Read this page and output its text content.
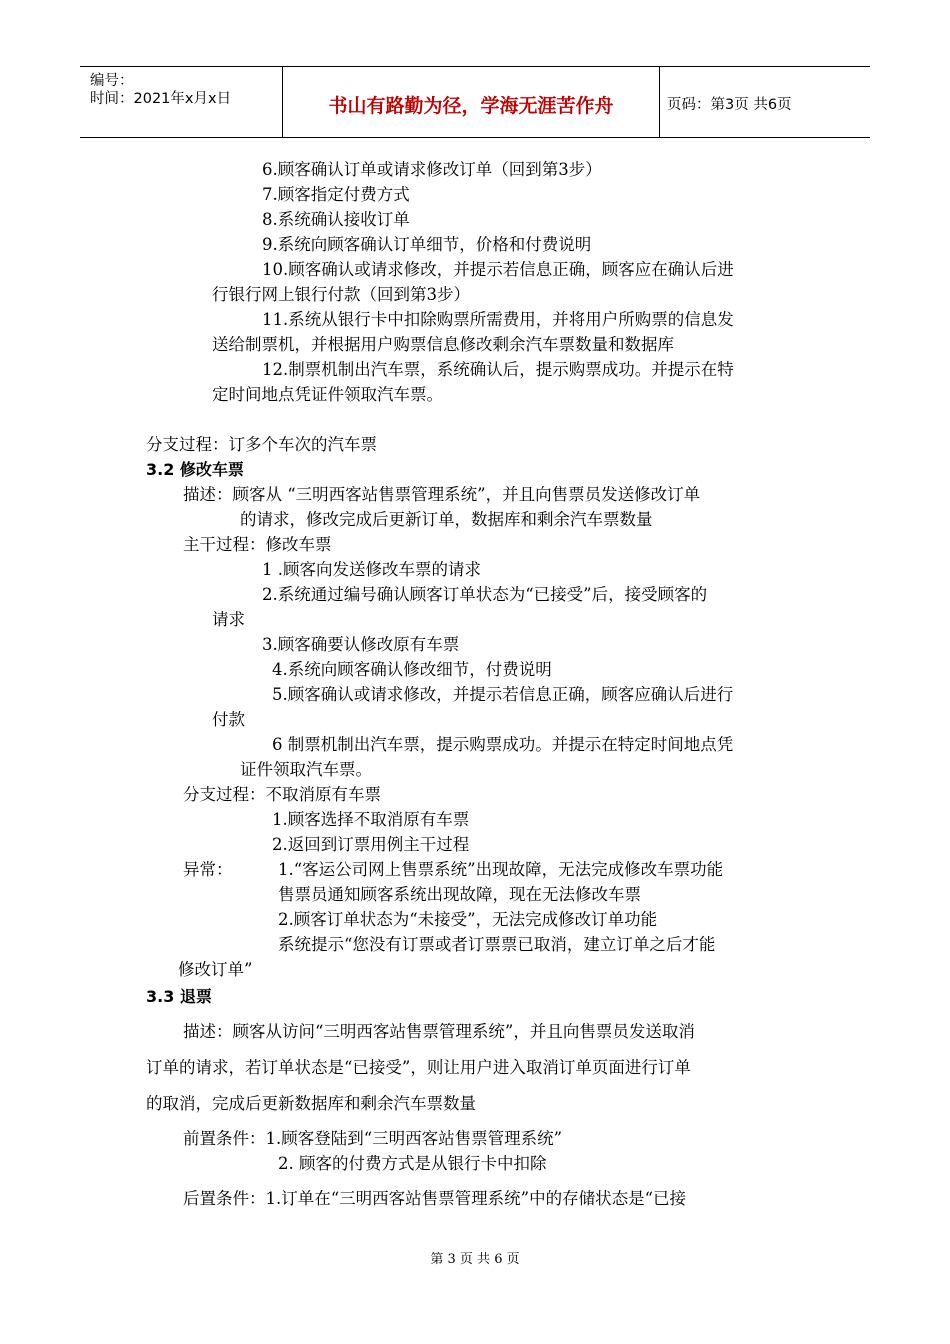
编号：
时间：2021年x月x日	书山有路勤为径，学海无涯苦作舟	页码：第3页 共6页
6.顾客确认订单或请求修改订单（回到第3步）
7.顾客指定付费方式
8.系统确认接收订单
9.系统向顾客确认订单细节，价格和付费说明
10.顾客确认或请求修改，并提示若信息正确，顾客应在确认后进
行银行网上银行付款（回到第3步）
11.系统从银行卡中扣除购票所需费用，并将用户所购票的信息发
送给制票机，并根据用户购票信息修改剩余汽车票数量和数据库
12.制票机制出汽车票，系统确认后，提示购票成功。并提示在特
定时间地点凭证件领取汽车票。
分支过程：订多个车次的汽车票
3.2 修改车票
描述：顾客从 “三明西客站售票管理系统”，并且向售票员发送修改订单
的请求，修改完成后更新订单，数据库和剩余汽车票数量
主干过程：修改车票
1 .顾客向发送修改车票的请求
2.系统通过编号确认顾客订单状态为“已接受”后，接受顾客的
请求
3.顾客确要认修改原有车票
4.系统向顾客确认修改细节，付费说明
5.顾客确认或请求修改，并提示若信息正确，顾客应确认后进行
付款
6 制票机制出汽车票，提示购票成功。并提示在特定时间地点凭
证件领取汽车票。
分支过程：不取消原有车票
1.顾客选择不取消原有车票
2.返回到订票用例主干过程
异常：	1.“客运公司网上售票系统”出现故障，无法完成修改车票功能
售票员通知顾客系统出现故障，现在无法修改车票
2.顾客订单状态为“未接受”，无法完成修改订单功能
系统提示“您没有订票或者订票票已取消，建立订单之后才能
修改订单”
3.3 退票
描述：顾客从访问“三明西客站售票管理系统”，并且向售票员发送取消
订单的请求，若订单状态是“已接受”，则让用户进入取消订单页面进行订单
的取消，完成后更新数据库和剩余汽车票数量
前置条件：1.顾客登陆到“三明西客站售票管理系统”
2. 顾客的付费方式是从银行卡中扣除
后置条件：1.订单在“三明西客站售票管理系统”中的存储状态是“已接
第 3 页 共 6 页
